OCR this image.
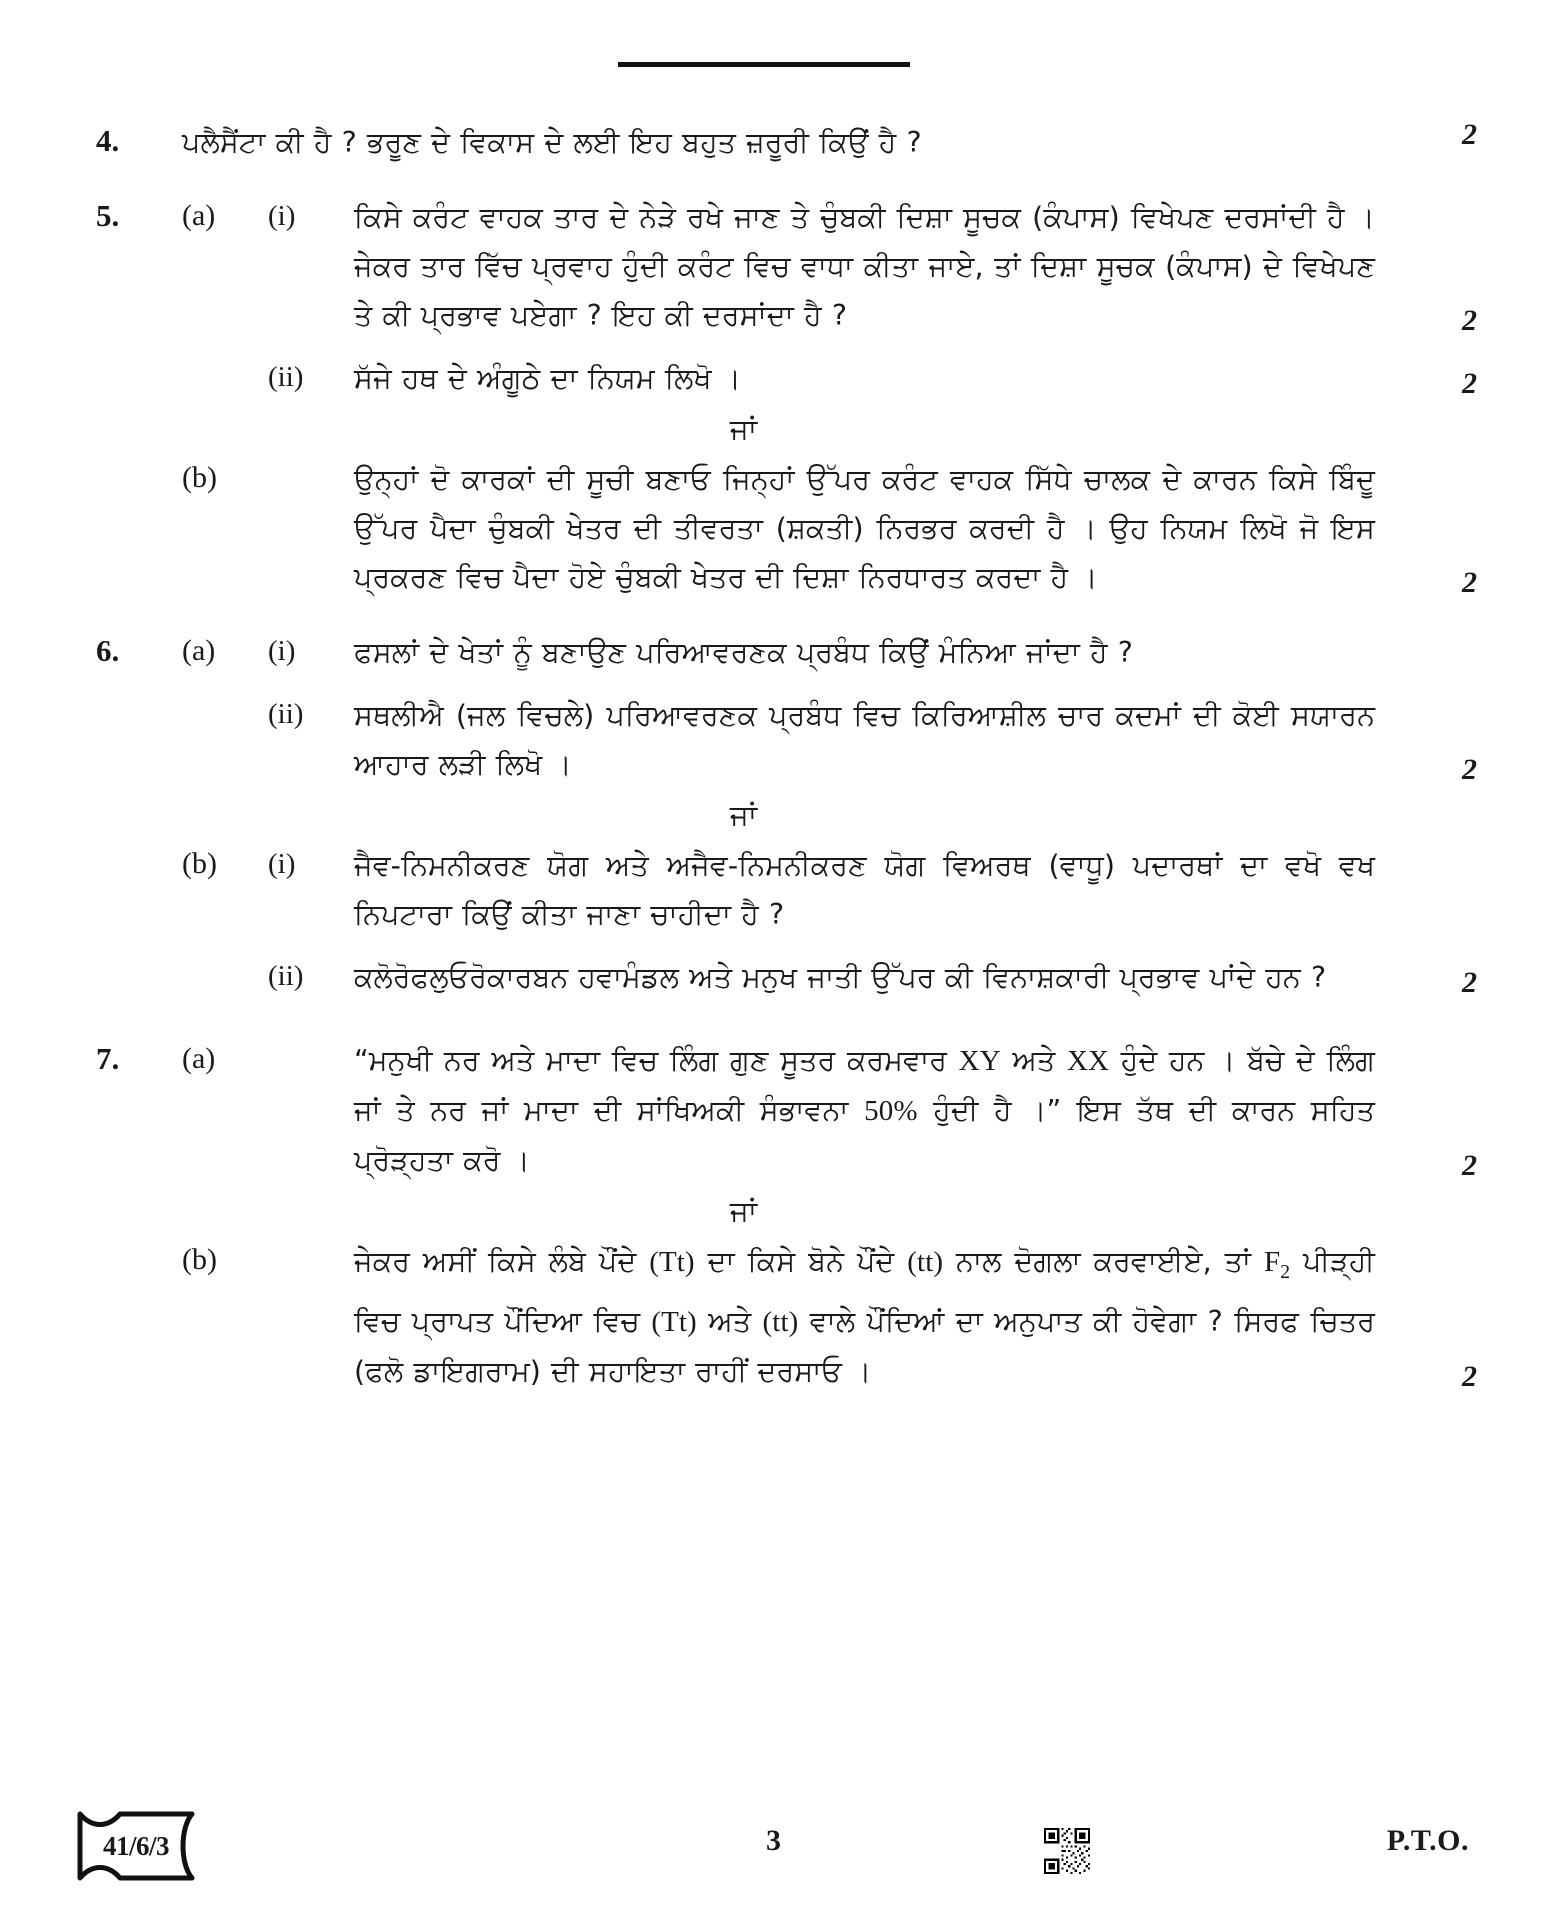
4.	ਪਲੈਸੈਂਟਾ ਕੀ ਹੈ ? ਭਰੂਣ ਦੇ ਵਿਕਾਸ ਦੇ ਲਈ ਇਹ ਬਹੁਤ ਜ਼ਰੂਰੀ ਕਿਉਂ ਹੈ ?	2
5.	(a)	(i)	ਕਿਸੇ ਕਰੰਟ ਵਾਹਕ ਤਾਰ ਦੇ ਨੇੜੇ ਰਖੇ ਜਾਣ ਤੇ ਚੁੰਬਕੀ ਦਿਸ਼ਾ ਸੂਚਕ (ਕੰਪਾਸ) ਵਿਖੇਪਣ ਦਰਸਾਂਦੀ ਹੈ । ਜੇਕਰ ਤਾਰ ਵਿੱਚ ਪ੍ਰਵਾਹ ਹੁੰਦੀ ਕਰੰਟ ਵਿਚ ਵਾਧਾ ਕੀਤਾ ਜਾਏ, ਤਾਂ ਦਿਸ਼ਾ ਸੂਚਕ (ਕੰਪਾਸ) ਦੇ ਵਿਖੇਪਣ ਤੇ ਕੀ ਪ੍ਰਭਾਵ ਪਏਗਾ ? ਇਹ ਕੀ ਦਰਸਾਂਦਾ ਹੈ ?	2
(ii)	ਸੱਜੇ ਹਥ ਦੇ ਅੰਗੂਠੇ ਦਾ ਨਿਯਮ ਲਿਖੋ ।	2
ਜਾਂ
(b)	ਉਨ੍ਹਾਂ ਦੋ ਕਾਰਕਾਂ ਦੀ ਸੂਚੀ ਬਣਾਓ ਜਿਨ੍ਹਾਂ ਉੱਪਰ ਕਰੰਟ ਵਾਹਕ ਸਿੱਧੇ ਚਾਲਕ ਦੇ ਕਾਰਨ ਕਿਸੇ ਬਿੰਦੂ ਉੱਪਰ ਪੈਦਾ ਚੁੰਬਕੀ ਖੇਤਰ ਦੀ ਤੀਵਰਤਾ (ਸ਼ਕਤੀ) ਨਿਰਭਰ ਕਰਦੀ ਹੈ । ਉਹ ਨਿਯਮ ਲਿਖੋ ਜੋ ਇਸ ਪ੍ਰਕਰਣ ਵਿਚ ਪੈਦਾ ਹੋਏ ਚੁੰਬਕੀ ਖੇਤਰ ਦੀ ਦਿਸ਼ਾ ਨਿਰਧਾਰਤ ਕਰਦਾ ਹੈ ।	2
6.	(a)	(i)	ਫਸਲਾਂ ਦੇ ਖੇਤਾਂ ਨੂੰ ਬਣਾਉਣ ਪਰਿਆਵਰਣਕ ਪ੍ਰਬੰਧ ਕਿਉਂ ਮੰਨਿਆ ਜਾਂਦਾ ਹੈ ?
(ii)	ਸਥਲੀਐ (ਜਲ ਵਿਚਲੇ) ਪਰਿਆਵਰਣਕ ਪ੍ਰਬੰਧ ਵਿਚ ਕਿਰਿਆਸ਼ੀਲ ਚਾਰ ਕਦਮਾਂ ਦੀ ਕੋਈ ਸਯਾਰਨ ਆਹਾਰ ਲੜੀ ਲਿਖੋ ।	2
ਜਾਂ
(b)	(i)	ਜੈਵ-ਨਿਮਨੀਕਰਣ ਯੋਗ ਅਤੇ ਅਜੈਵ-ਨਿਮਨੀਕਰਣ ਯੋਗ ਵਿਅਰਥ (ਵਾਧੂ) ਪਦਾਰਥਾਂ ਦਾ ਵਖੋ ਵਖ ਨਿਪਟਾਰਾ ਕਿਉਂ ਕੀਤਾ ਜਾਣਾ ਚਾਹੀਦਾ ਹੈ ?
(ii)	ਕਲੋਰੋਫਲੁਓਰੋਕਾਰਬਨ ਹਵਾਮੰਡਲ ਅਤੇ ਮਨੁਖ ਜਾਤੀ ਉੱਪਰ ਕੀ ਵਿਨਾਸ਼ਕਾਰੀ ਪ੍ਰਭਾਵ ਪਾਂਦੇ ਹਨ ?	2
7.	(a)	“ਮਨੁਖੀ ਨਰ ਅਤੇ ਮਾਦਾ ਵਿਚ ਲਿੰਗ ਗੁਣ ਸੂਤਰ ਕਰਮਵਾਰ XY ਅਤੇ XX ਹੁੰਦੇ ਹਨ । ਬੱਚੇ ਦੇ ਲਿੰਗ ਜਾਂ ਤੇ ਨਰ ਜਾਂ ਮਾਦਾ ਦੀ ਸਾਂਖਿਅਕੀ ਸੰਭਾਵਨਾ 50% ਹੁੰਦੀ ਹੈ ।” ਇਸ ਤੱਥ ਦੀ ਕਾਰਨ ਸਹਿਤ ਪ੍ਰੋੜ੍ਹਤਾ ਕਰੋ ।	2
ਜਾਂ
(b)	ਜੇਕਰ ਅਸੀਂ ਕਿਸੇ ਲੰਬੇ ਪੌਂਦੇ (Tt) ਦਾ ਕਿਸੇ ਬੋਨੇ ਪੌਂਦੇ (tt) ਨਾਲ ਦੋਗਲਾ ਕਰਵਾਈਏ, ਤਾਂ $F_2$ ਪੀੜ੍ਹੀ ਵਿਚ ਪ੍ਰਾਪਤ ਪੌਂਦਿਆ ਵਿਚ (Tt) ਅਤੇ (tt) ਵਾਲੇ ਪੌਂਦਿਆਂ ਦਾ ਅਨੁਪਾਤ ਕੀ ਹੋਵੇਗਾ ? ਸਿਰਫ ਚਿਤਰ (ਫਲੋ ਡਾਇਗਰਾਮ) ਦੀ ਸਹਾਇਤਾ ਰਾਹੀਂ ਦਰਸਾਓ ।	2
41/6/3	3	P.T.O.
